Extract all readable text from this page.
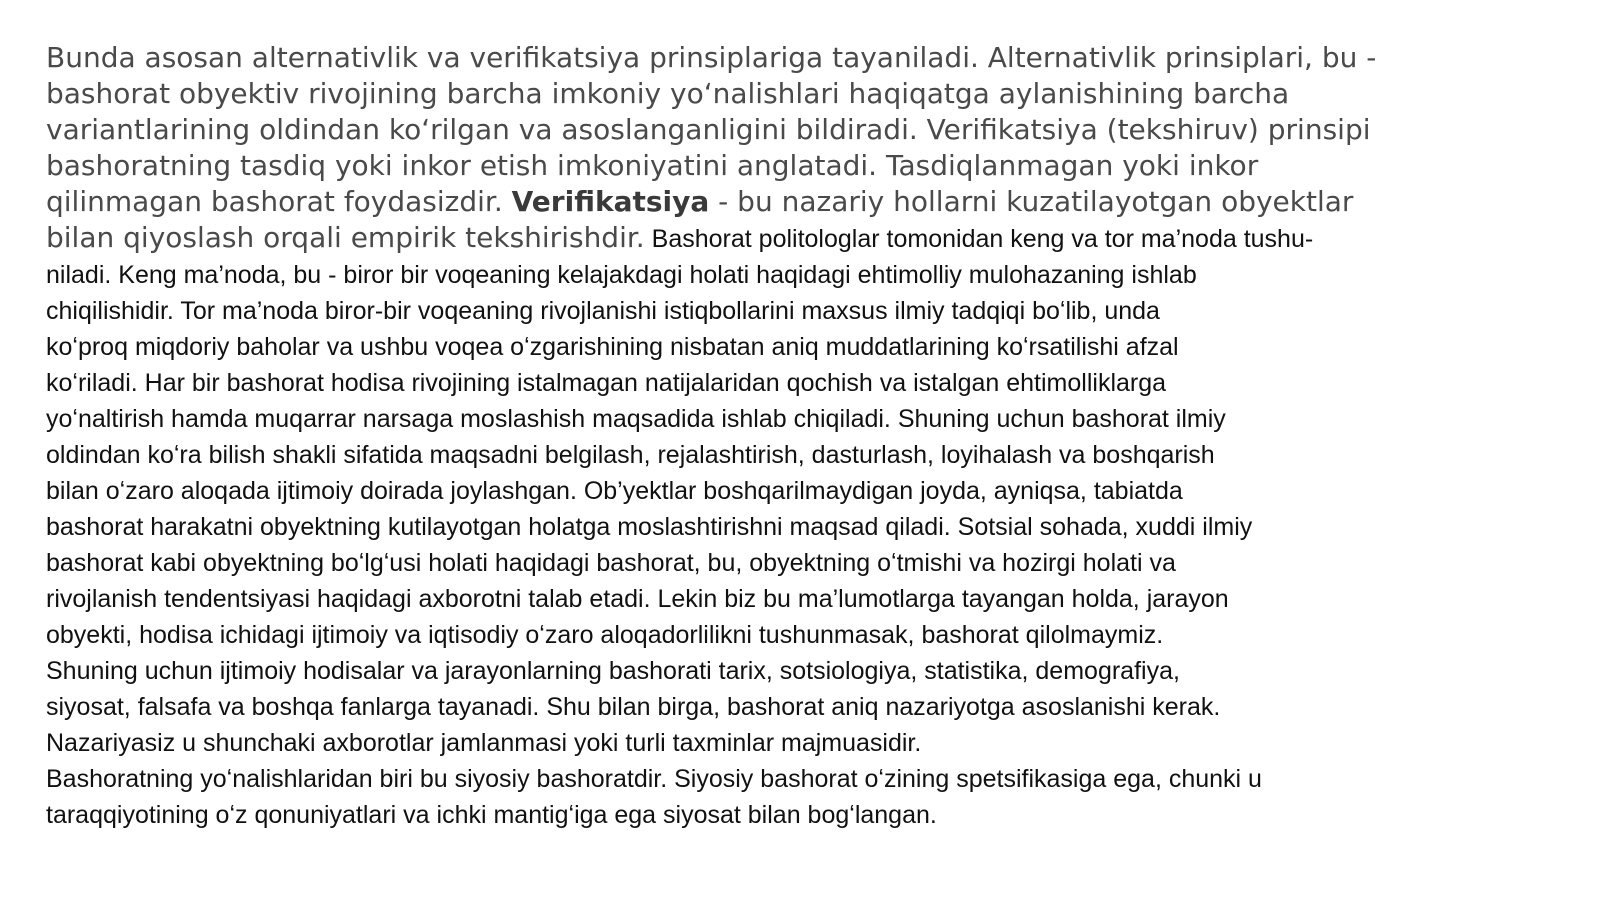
Bunda asosan alternativlik va verifikatsiya prinsiplariga tayaniladi. Alternativlik prinsiplari, bu -
bashorat obyektiv rivojining barcha imkoniy yoʻnalishlari haqiqatga aylanishining barcha
variantlarining oldindan koʻrilgan va asoslanganligini bildiradi. Verifikatsiya (tekshiruv) prinsipi
bashoratning tasdiq yoki inkor etish imkoniyatini anglatadi. Tasdiqlanmagan yoki inkor
qilinmagan bashorat foydasizdir. Verifikatsiya - bu nazariy hollarni kuzatilayotgan obyektlar
bilan qiyoslash orqali empirik tekshirishdir. Bashorat politologlar tomonidan keng va tor ma’noda tushu-
niladi. Keng ma’noda, bu - biror bir voqeaning kelajakdagi holati haqidagi ehtimolliy mulohazaning ishlab
chiqilishidir. Tor ma’noda biror-bir voqeaning rivojlanishi istiqbollarini maxsus ilmiy tadqiqi boʻlib, unda
koʻproq miqdoriy baholar va ushbu voqea oʻzgarishining nisbatan aniq muddatlarining koʻrsatilishi afzal
koʻriladi. Har bir bashorat hodisa rivojining istalmagan natijalaridan qochish va istalgan ehtimolliklarga
yoʻnaltirish hamda muqarrar narsaga moslashish maqsadida ishlab chiqiladi. Shuning uchun bashorat ilmiy
oldindan koʻra bilish shakli sifatida maqsadni belgilash, rejalashtirish, dasturlash, loyihalash va boshqarish
bilan oʻzaro aloqada ijtimoiy doirada joylashgan. Ob’yektlar boshqarilmaydigan joyda, ayniqsa, tabiatda
bashorat harakatni obyektning kutilayotgan holatga moslashtirishni maqsad qiladi. Sotsial sohada, xuddi ilmiy
bashorat kabi obyektning boʻlgʻusi holati haqidagi bashorat, bu, obyektning oʻtmishi va hozirgi holati va
rivojlanish tendentsiyasi haqidagi axborotni talab etadi. Lekin biz bu ma’lumotlarga tayangan holda, jarayon
obyekti, hodisa ichidagi ijtimoiy va iqtisodiy oʻzaro aloqadorlilikni tushunmasak, bashorat qilolmaymiz.
Shuning uchun ijtimoiy hodisalar va jarayonlarning bashorati tarix, sotsiologiya, statistika, demografiya,
siyosat, falsafa va boshqa fanlarga tayanadi. Shu bilan birga, bashorat aniq nazariyotga asoslanishi kerak.
Nazariyasiz u shunchaki axborotlar jamlanmasi yoki turli taxminlar majmuasidir.
Bashoratning yoʻnalishlaridan biri bu siyosiy bashoratdir. Siyosiy bashorat oʻzining spetsifikasiga ega, chunki u
taraqqiyotining oʻz qonuniyatlari va ichki mantigʻiga ega siyosat bilan bogʻlangan.
